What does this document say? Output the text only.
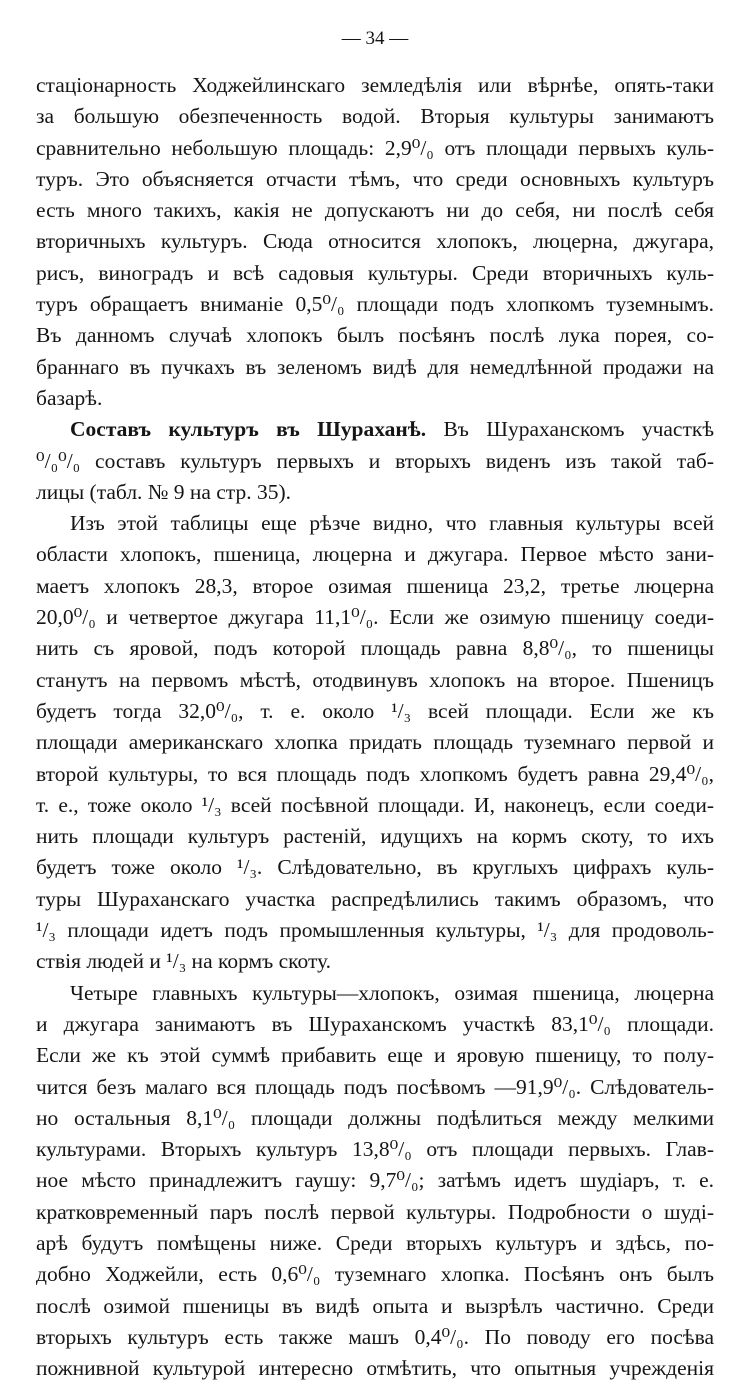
— 34 —
стаціонарность Ходжейлинскаго земледѣлія или вѣрнѣе, опять-таки
за большую обезпеченность водой. Вторыя культуры занимаютъ
сравнительно небольшую площадь: 2,9⁰/₀ отъ площади первыхъ куль-
туръ. Это объясняется отчасти тѣмъ, что среди основныхъ культуръ
есть много такихъ, какія не допускаютъ ни до себя, ни послѣ себя
вторичныхъ культуръ. Сюда относится хлопокъ, люцерна, джугара,
рисъ, виноградъ и всѣ садовыя культуры. Среди вторичныхъ куль-
туръ обращаетъ вниманіе 0,5⁰/₀ площади подъ хлопкомъ туземнымъ.
Въ данномъ случаѣ хлопокъ былъ посѣянъ послѣ лука порея, со-
браннаго въ пучкахъ въ зеленомъ видѣ для немедлѣнной продажи на
базарѣ.
Составъ культуръ въ Шураханѣ. Въ Шураханскомъ участкѣ
⁰/₀⁰/₀ составъ культуръ первыхъ и вторыхъ виденъ изъ такой таб-
лицы (табл. № 9 на стр. 35).
Изъ этой таблицы еще рѣзче видно, что главныя культуры всей
области хлопокъ, пшеница, люцерна и джугара. Первое мѣсто зани-
маетъ хлопокъ 28,3, второе озимая пшеница 23,2, третье люцерна
20,0⁰/₀ и четвертое джугара 11,1⁰/₀. Если же озимую пшеницу соеди-
нить съ яровой, подъ которой площадь равна 8,8⁰/₀, то пшеницы
станутъ на первомъ мѣстѣ, отодвинувъ хлопокъ на второе. Пшеницъ
будетъ тогда 32,0⁰/₀, т. е. около ¹/₃ всей площади. Если же къ
площади американскаго хлопка придать площадь туземнаго первой и
второй культуры, то вся площадь подъ хлопкомъ будетъ равна 29,4⁰/₀,
т. е., тоже около ¹/₃ всей посѣвной площади. И, наконецъ, если соеди-
нить площади культуръ растеній, идущихъ на кормъ скоту, то ихъ
будетъ тоже около ¹/₃. Слѣдовательно, въ круглыхъ цифрахъ куль-
туры Шураханскаго участка распредѣлились такимъ образомъ, что
¹/₃ площади идетъ подъ промышленныя культуры, ¹/₃ для продоволь-
ствія людей и ¹/₃ на кормъ скоту.
Четыре главныхъ культуры—хлопокъ, озимая пшеница, люцерна
и джугара занимаютъ въ Шураханскомъ участкѣ 83,1⁰/₀ площади.
Если же къ этой суммѣ прибавить еще и яровую пшеницу, то полу-
чится безъ малаго вся площадь подъ посѣвомъ —91,9⁰/₀. Слѣдователь-
но остальныя 8,1⁰/₀ площади должны подѣлиться между мелкими
культурами. Вторыхъ культуръ 13,8⁰/₀ отъ площади первыхъ. Глав-
ное мѣсто принадлежитъ гаушу: 9,7⁰/₀; затѣмъ идетъ шудіаръ, т. е.
кратковременный паръ послѣ первой культуры. Подробности о шуді-
арѣ будутъ помѣщены ниже. Среди вторыхъ культуръ и здѣсь, по-
добно Ходжейли, есть 0,6⁰/₀ туземнаго хлопка. Посѣянъ онъ былъ
послѣ озимой пшеницы въ видѣ опыта и вызрѣлъ частично. Среди
вторыхъ культуръ есть также машъ 0,4⁰/₀. По поводу его посѣва
пожнивной культурой интересно отмѣтить, что опытныя учрежденія
